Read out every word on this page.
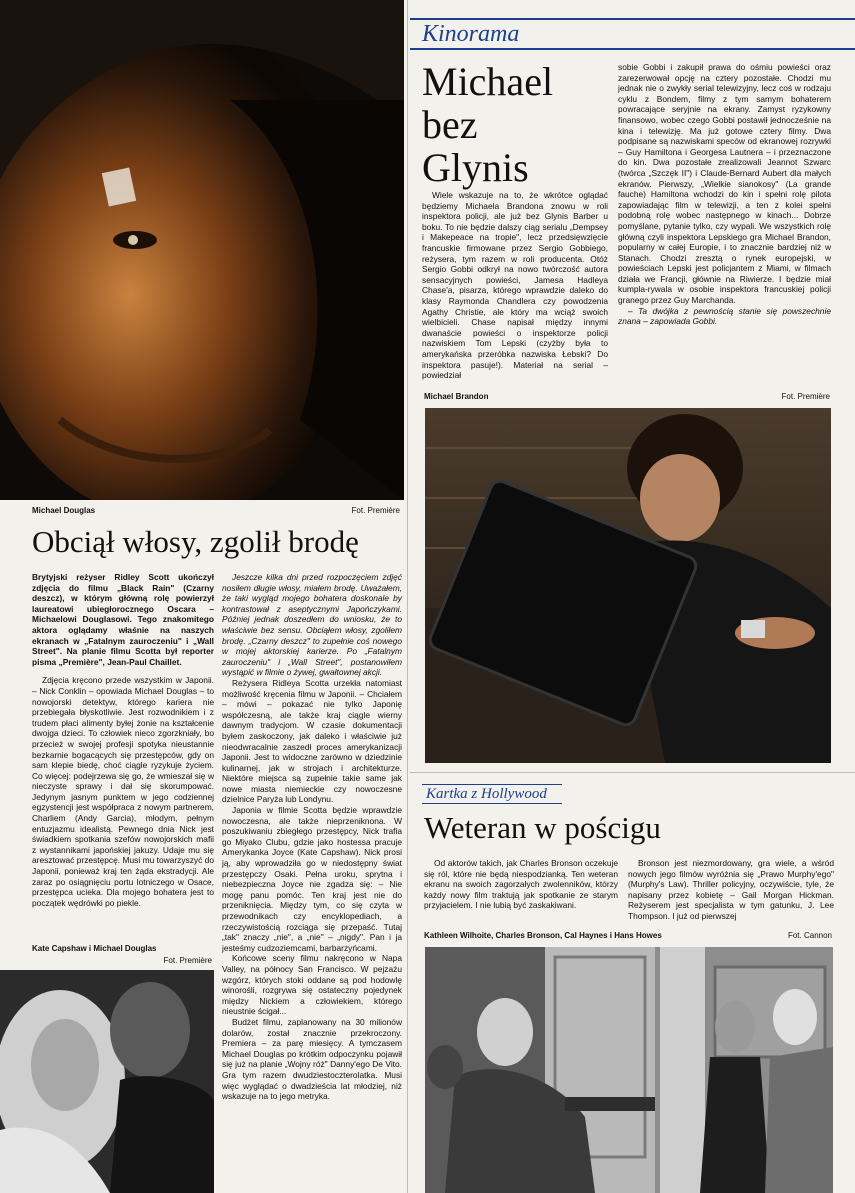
Michael Douglas	Fot. Première
Obciął włosy, zgolił brodę

Brytyjski reżyser Ridley Scott ukończył zdjęcia do filmu „Black Rain" (Czarny deszcz), w którym główną rolę powierzył laureatowi ubiegłorocznego Oscara – Michaelowi Douglasowi. Tego znakomitego aktora oglądamy właśnie na naszych ekranach w „Fatalnym zauroczeniu" i „Wall Street". Na planie filmu Scotta był reporter pisma „Première", Jean-Paul Chaillet.

Zdjęcia kręcono przede wszystkim w Japonii. – Nick Conklin – opowiada Michael Douglas – to nowojorski detektyw, którego kariera nie przebiegała błyskotliwie. Jest rozwodnikiem i z trudem płaci alimenty byłej żonie na kształcenie dwojga dzieci. To człowiek nieco zgorzkniały, bo przecież w swojej profesji spotyka nieustannie bezkarnie bogacących się przestępców, gdy on sam klepie biedę, choć ciągle ryzykuje życiem. Co więcej: podejrzewa się go, że wmieszał się w nieczyste sprawy i dał się skorumpować. Jedynym jasnym punktem w jego codziennej egzystencji jest współpraca z nowym partnerem, Charliem (Andy Garcia), młodym, pełnym entuzjazmu idealistą. Pewnego dnia Nick jest świadkiem spotkania szefów nowojorskich mafii z wystannikami japońskiej jakuzy. Udaje mu się aresztować przestępcę. Musi mu towarzyszyć do Japonii, ponieważ kraj ten żąda ekstradycji. Ale zaraz po osiągnięciu portu lotniczego w Osace, przestępca ucieka. Dla mojego bohatera jest to początek wędrówki po piekle.

Jeszcze kilka dni przed rozpoczęciem zdjęć nosiłem długie włosy, miałem brodę. Uważałem, że taki wygląd mojego bohatera doskonale by kontrastował z aseptycznymi Japończykami. Później jednak doszedłem do wniosku, że to właściwie bez sensu. Obciąłem włosy, zgoliłem brodę. „Czarny deszcz" to zupełnie coś nowego w mojej aktorskiej karierze. Po „Fatalnym zauroczeniu" i „Wall Street", postanowiłem wystąpić w filmie o żywej, gwałtownej akcji.

Reżysera Ridleya Scotta urzekła natomiast możliwość kręcenia filmu w Japonii. – Chciałem – mówi – pokazać nie tylko Japonię współczesną, ale także kraj ciągle wierny dawnym tradycjom. W czasie dokumentacji byłem zaskoczony, jak daleko i właściwie już nieodwracalnie zaszedł proces amerykanizacji Japonii. Jest to widoczne zarówno w dziedzinie kulinarnej, jak w strojach i architekturze. Niektóre miejsca są zupełnie takie same jak nowe miasta niemieckie czy nowoczesne dzielnice Paryża lub Londynu.

Japonia w filmie Scotta będzie wprawdzie nowoczesna, ale także nieprzeniknona. W poszukiwaniu zbiegłego przestępcy, Nick trafia go Miyako Clubu, gdzie jako hostessa pracuje Amerykanka Joyce (Kate Capshaw). Nick prosi ją, aby wprowadziła go w niedostępny świat przestępczy Osaki. Pełna uroku, sprytna i niebezpieczna Joyce nie zgadza się: – Nie mogę panu pomóc. Ten kraj jest nie do przeniknięcia. Między tym, co się czyta w przewodnikach czy encyklopediach, a rzeczywistością rozciąga się przepaść. Tutaj „tak" znaczy „nie", a „nie" – „nigdy". Pan i ja jesteśmy cudzoziemcami, barbarzyńcami.

Końcowe sceny filmu nakręcono w Napa Valley, na północy San Francisco. W pejzażu wzgórz, których stoki oddane są pod hodowlę winorośli, rozgrywa się ostateczny pojedynek między Nickiem a człowiekiem, którego nieustnie ścigał...

Budżet filmu, zaplanowany na 30 milionów dolarów, został znacznie przekroczony. Premiera – za parę miesięcy. A tymczasem Michael Douglas po krótkim odpoczynku pojawił się już na planie „Wojny róż" Danny'ego De Vito. Gra tym razem dwudziestoczterolatka. Musi więc wyglądać o dwadzieścia lat młodziej, niż wskazuje na to jego metryka.

Kate Capshaw i Michael Douglas
Fot. Première
Kinorama
Michael
bez
Glynis

Wiele wskazuje na to, że wkrótce oglądać będziemy Michaela Brandona znowu w roli inspektora policji, ale już bez Glynis Barber u boku. To nie będzie dalszy ciąg serialu „Dempsey i Makepeace na tropie", lecz przedsięwzięcie francuskie firmowane przez Sergio Gobbiego, reżysera, tym razem w roli producenta. Otóż Sergio Gobbi odkrył na nowo twórczość autora sensacyjnych powieści, Jamesa Hadleya Chase'a, pisarza, którego wprawdzie daleko do klasy Raymonda Chandlera czy powodzenia Agathy Christie, ale który ma wciąż swoich wielbicieli. Chase napisał między innymi dwanaście powieści o inspektorze policji nazwiskiem Tom Lepski (czyżby była to amerykańska przeróbka nazwiska Łebski? Do inspektora pasuje!). Materiał na serial – powiedział

sobie Gobbi i zakupił prawa do ośmiu powieści oraz zarezerwował opcję na cztery pozostałe. Chodzi mu jednak nie o zwykły serial telewizyjny, lecz coś w rodzaju cyklu z Bondem, filmy z tym samym bohaterem powracające seryjnie na ekrany. Zamyst ryzykowny finansowo, wobec czego Gobbi postawił jednocześnie na kina i telewizję. Ma już gotowe cztery filmy. Dwa podpisane są nazwiskami speców od ekranowej rozrywki – Guy Hamiltona i Georgesa Lautnera – i przeznaczone do kin. Dwa pozostałe zrealizowali Jeannot Szwarc (twórca „Szczęk II") i Claude-Bernard Aubert dla małych ekranów. Pierwszy, „Wielkie sianokosy" (La grande fauche) Hamiltona wchodzi do kin i spełni rolę pilota zapowiadając film w telewizji, a ten z kolei spełni podobną rolę wobec następnego w kinach... Dobrze pomyślane, pytanie tylko, czy wypali. We wszystkich rolę główną czyli inspektora Lepskiego gra Michael Brandon, popularny w całej Europie, i to znacznie bardziej niż w Stanach. Chodzi zresztą o rynek europejski, w powieściach Lepski jest policjantem z Miami, w filmach działa we Francji, głównie na Riwierze. I będzie miał kumpla-rywala w osobie inspektora francuskiej policji granego przez Guy Marchanda.

– Ta dwójka z pewnością stanie się powszechnie znana – zapowiada Gobbi.

Michael Brandon	Fot. Première
Kartka z Hollywood
Weteran w pościgu

Od aktorów takich, jak Charles Bronson oczekuje się ról, które nie będą niespodzianką. Ten weteran ekranu na swoich zagorzałych zwolenników, którzy każdy nowy film traktują jak spotkanie ze starym przyjacielem. I nie lubią być zaskakiwani.

Bronson jest niezmordowany, gra wiele, a wśród nowych jego filmów wyróżnia się „Prawo Murphy'ego" (Murphy's Law). Thriller policyjny, oczywiście, tyle, że napisany przez kobietę – Gail Morgan Hickman. Reżyserem jest specjalista w tym gatunku, J. Lee Thompson. I już od pierwszej

Kathleen Wilhoite, Charles Bronson, Cal Haynes i Hans Howes	Fot. Cannon
